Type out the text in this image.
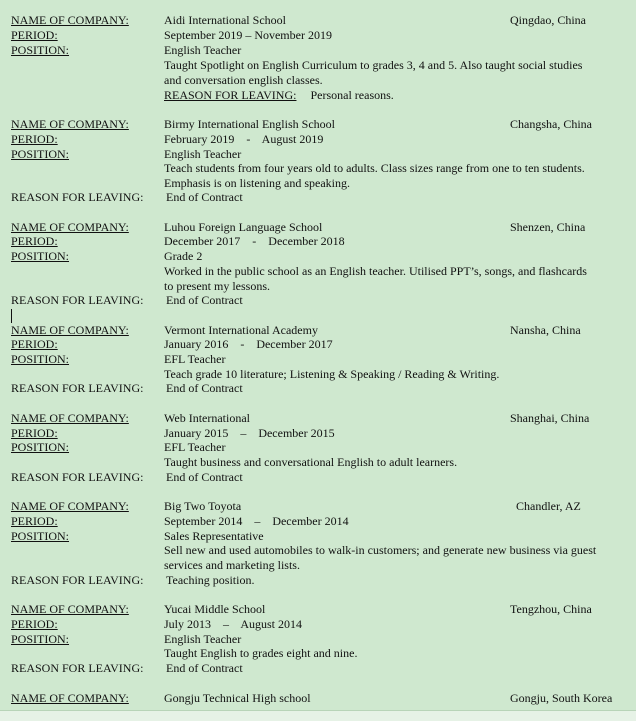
NAME OF COMPANY:	Aidi International School	Qingdao, China
PERIOD:	September 2019 – November 2019
POSITION:	English Teacher
Taught Spotlight on English Curriculum to grades 3, 4 and 5. Also taught social studies
and conversation english classes.
REASON FOR LEAVING: Personal reasons.
NAME OF COMPANY:	Birmy International English School	Changsha, China
PERIOD:	February 2019    -    August 2019
POSITION:	English Teacher
Teach students from four years old to adults. Class sizes range from one to ten students.
Emphasis is on listening and speaking.
REASON FOR LEAVING: End of Contract
NAME OF COMPANY:	Luhou Foreign Language School	Shenzen, China
PERIOD:	December 2017    -    December 2018
POSITION:	Grade 2
Worked in the public school as an English teacher. Utilised PPT’s, songs, and flashcards
to present my lessons.
REASON FOR LEAVING: End of Contract
NAME OF COMPANY:	Vermont International Academy	Nansha, China
PERIOD:	January 2016    -    December 2017
POSITION:	EFL Teacher
Teach grade 10 literature; Listening & Speaking / Reading & Writing.
REASON FOR LEAVING: End of Contract
NAME OF COMPANY:	Web International	Shanghai, China
PERIOD:	January 2015    –    December 2015
POSITION:	EFL Teacher
Taught business and conversational English to adult learners.
REASON FOR LEAVING: End of Contract
NAME OF COMPANY:	Big Two Toyota	Chandler, AZ
PERIOD:	September 2014    –    December 2014
POSITION:	Sales Representative
Sell new and used automobiles to walk-in customers; and generate new business via guest
services and marketing lists.
REASON FOR LEAVING: Teaching position.
NAME OF COMPANY:	Yucai Middle School	Tengzhou, China
PERIOD:	July 2013    –    August 2014
POSITION:	English Teacher
Taught English to grades eight and nine.
REASON FOR LEAVING: End of Contract
NAME OF COMPANY:	Gongju Technical High school	Gongju, South Korea
